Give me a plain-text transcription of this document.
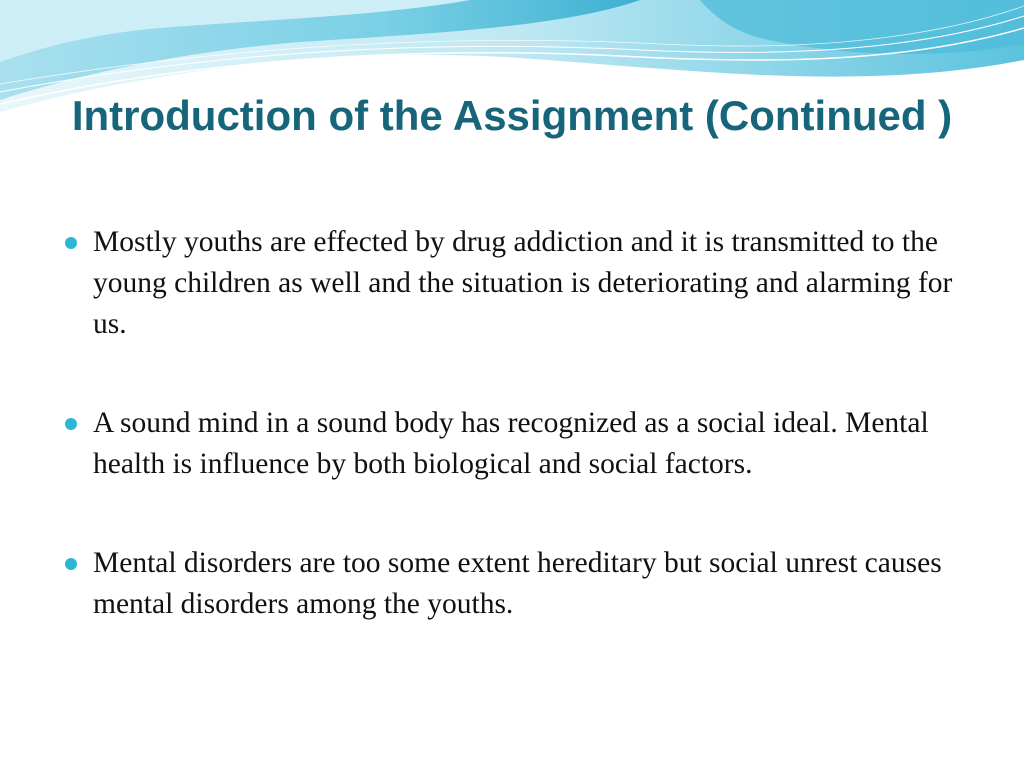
Introduction of the Assignment (Continued )
Mostly youths are effected by drug addiction and it is transmitted to the young children as well and the situation is deteriorating and alarming for us.
A sound mind in a sound body has recognized as a social ideal. Mental health is influence by both biological and social factors.
Mental disorders are too some extent hereditary but social unrest causes mental disorders among the youths.
